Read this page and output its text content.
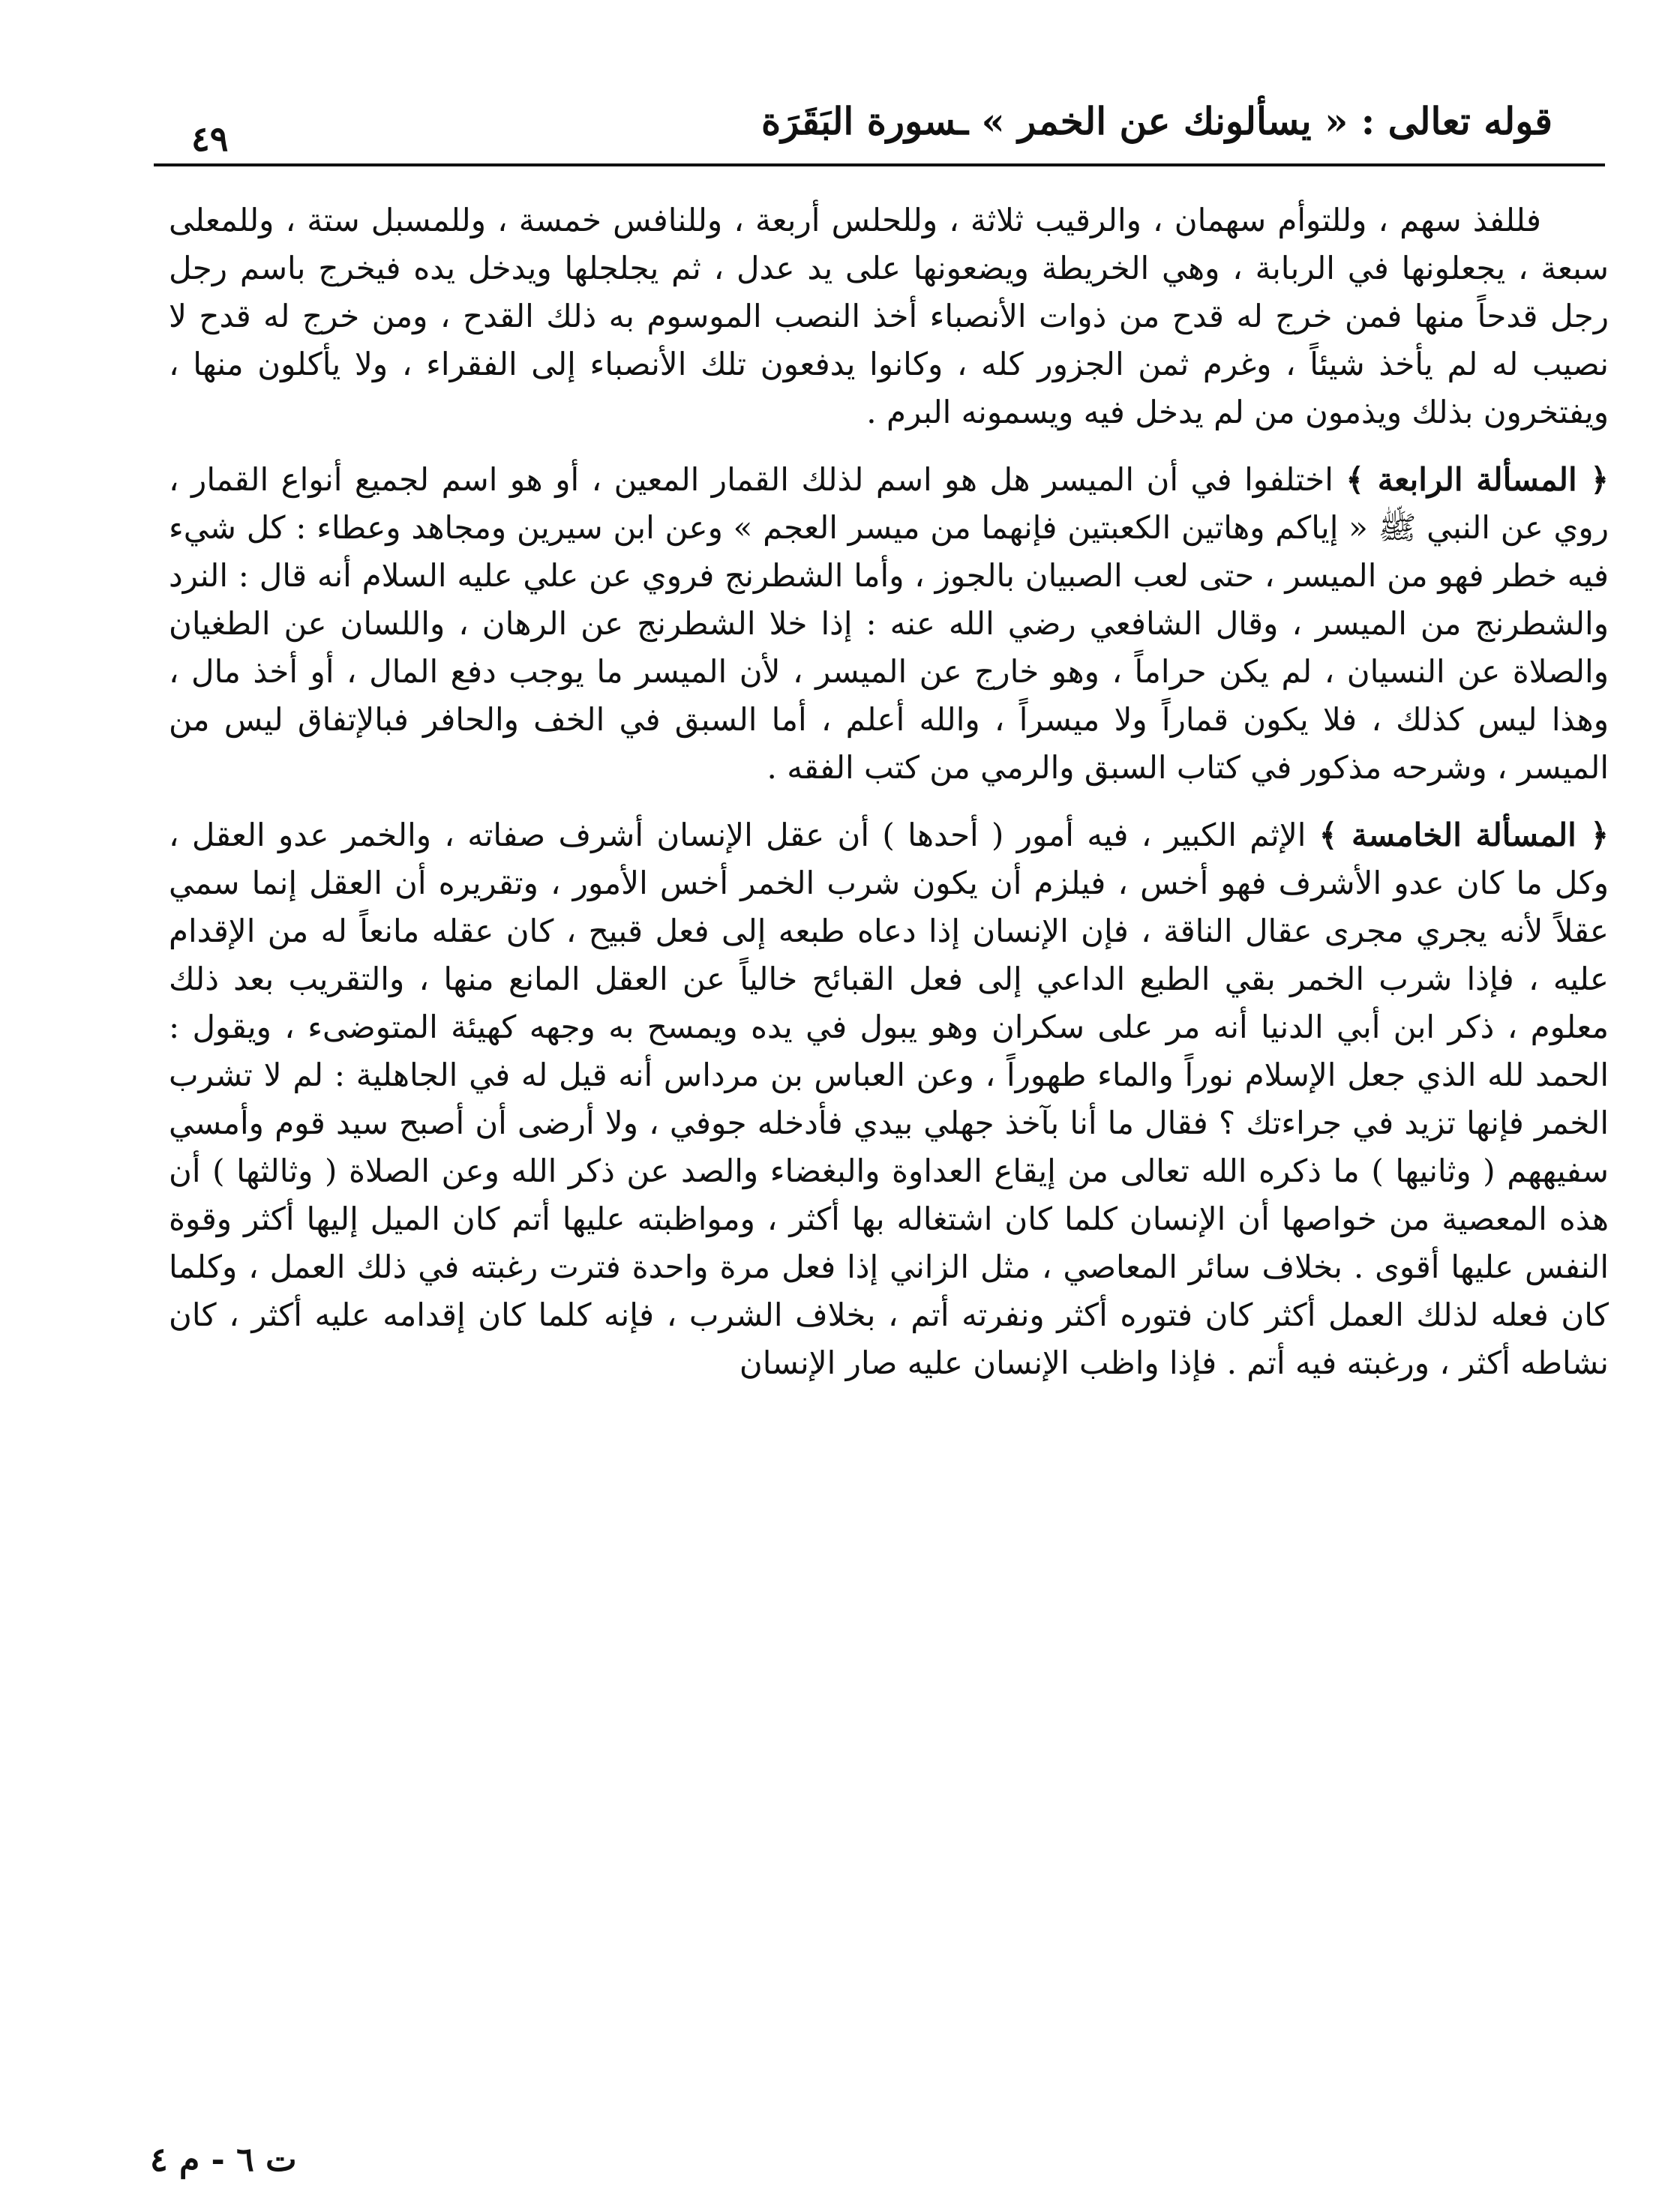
قوله تعالى : « يسألونك عن الخمر » ـسورة البَقَرَة
٤٩

فللفذ سهم ، وللتوأم سهمان ، والرقيب ثلاثة ، وللحلس أربعة ، وللنافس خمسة ، وللمسبل ستة ، وللمعلى سبعة ، يجعلونها في الربابة ، وهي الخريطة ويضعونها على يد عدل ، ثم يجلجلها ويدخل يده فيخرج باسم رجل رجل قدحاً منها فمن خرج له قدح من ذوات الأنصباء أخذ النصب الموسوم به ذلك القدح ، ومن خرج له قدح لا نصيب له لم يأخذ شيئاً ، وغرم ثمن الجزور كله ، وكانوا يدفعون تلك الأنصباء إلى الفقراء ، ولا يأكلون منها ، ويفتخرون بذلك ويذمون من لم يدخل فيه ويسمونه البرم .

﴿ المسألة الرابعة ﴾ اختلفوا في أن الميسر هل هو اسم لذلك القمار المعين ، أو هو اسم لجميع أنواع القمار ، روي عن النبي ﷺ « إياكم وهاتين الكعبتين فإنهما من ميسر العجم » وعن ابن سيرين ومجاهد وعطاء : كل شيء فيه خطر فهو من الميسر ، حتى لعب الصبيان بالجوز ، وأما الشطرنج فروي عن علي عليه السلام أنه قال : النرد والشطرنج من الميسر ، وقال الشافعي رضي الله عنه : إذا خلا الشطرنج عن الرهان ، واللسان عن الطغيان والصلاة عن النسيان ، لم يكن حراماً ، وهو خارج عن الميسر ، لأن الميسر ما يوجب دفع المال ، أو أخذ مال ، وهذا ليس كذلك ، فلا يكون قماراً ولا ميسراً ، والله أعلم ، أما السبق في الخف والحافر فبالإتفاق ليس من الميسر ، وشرحه مذكور في كتاب السبق والرمي من كتب الفقه .

﴿ المسألة الخامسة ﴾ الإثم الكبير ، فيه أمور ( أحدها ) أن عقل الإنسان أشرف صفاته ، والخمر عدو العقل ، وكل ما كان عدو الأشرف فهو أخس ، فيلزم أن يكون شرب الخمر أخس الأمور ، وتقريره أن العقل إنما سمي عقلاً لأنه يجري مجرى عقال الناقة ، فإن الإنسان إذا دعاه طبعه إلى فعل قبيح ، كان عقله مانعاً له من الإقدام عليه ، فإذا شرب الخمر بقي الطبع الداعي إلى فعل القبائح خالياً عن العقل المانع منها ، والتقريب بعد ذلك معلوم ، ذكر ابن أبي الدنيا أنه مر على سكران وهو يبول في يده ويمسح به وجهه كهيئة المتوضىء ، ويقول : الحمد لله الذي جعل الإسلام نوراً والماء طهوراً ، وعن العباس بن مرداس أنه قيل له في الجاهلية : لم لا تشرب الخمر فإنها تزيد في جراءتك ؟ فقال ما أنا بآخذ جهلي بيدي فأدخله جوفي ، ولا أرضى أن أصبح سيد قوم وأمسي سفيههم ( وثانيها ) ما ذكره الله تعالى من إيقاع العداوة والبغضاء والصد عن ذكر الله وعن الصلاة ( وثالثها ) أن هذه المعصية من خواصها أن الإنسان كلما كان اشتغاله بها أكثر ، ومواظبته عليها أتم كان الميل إليها أكثر وقوة النفس عليها أقوى . بخلاف سائر المعاصي ، مثل الزاني إذا فعل مرة واحدة فترت رغبته في ذلك العمل ، وكلما كان فعله لذلك العمل أكثر كان فتوره أكثر ونفرته أتم ، بخلاف الشرب ، فإنه كلما كان إقدامه عليه أكثر ، كان نشاطه أكثر ، ورغبته فيه أتم . فإذا واظب الإنسان عليه صار الإنسان

ت ٦ - م ٤
